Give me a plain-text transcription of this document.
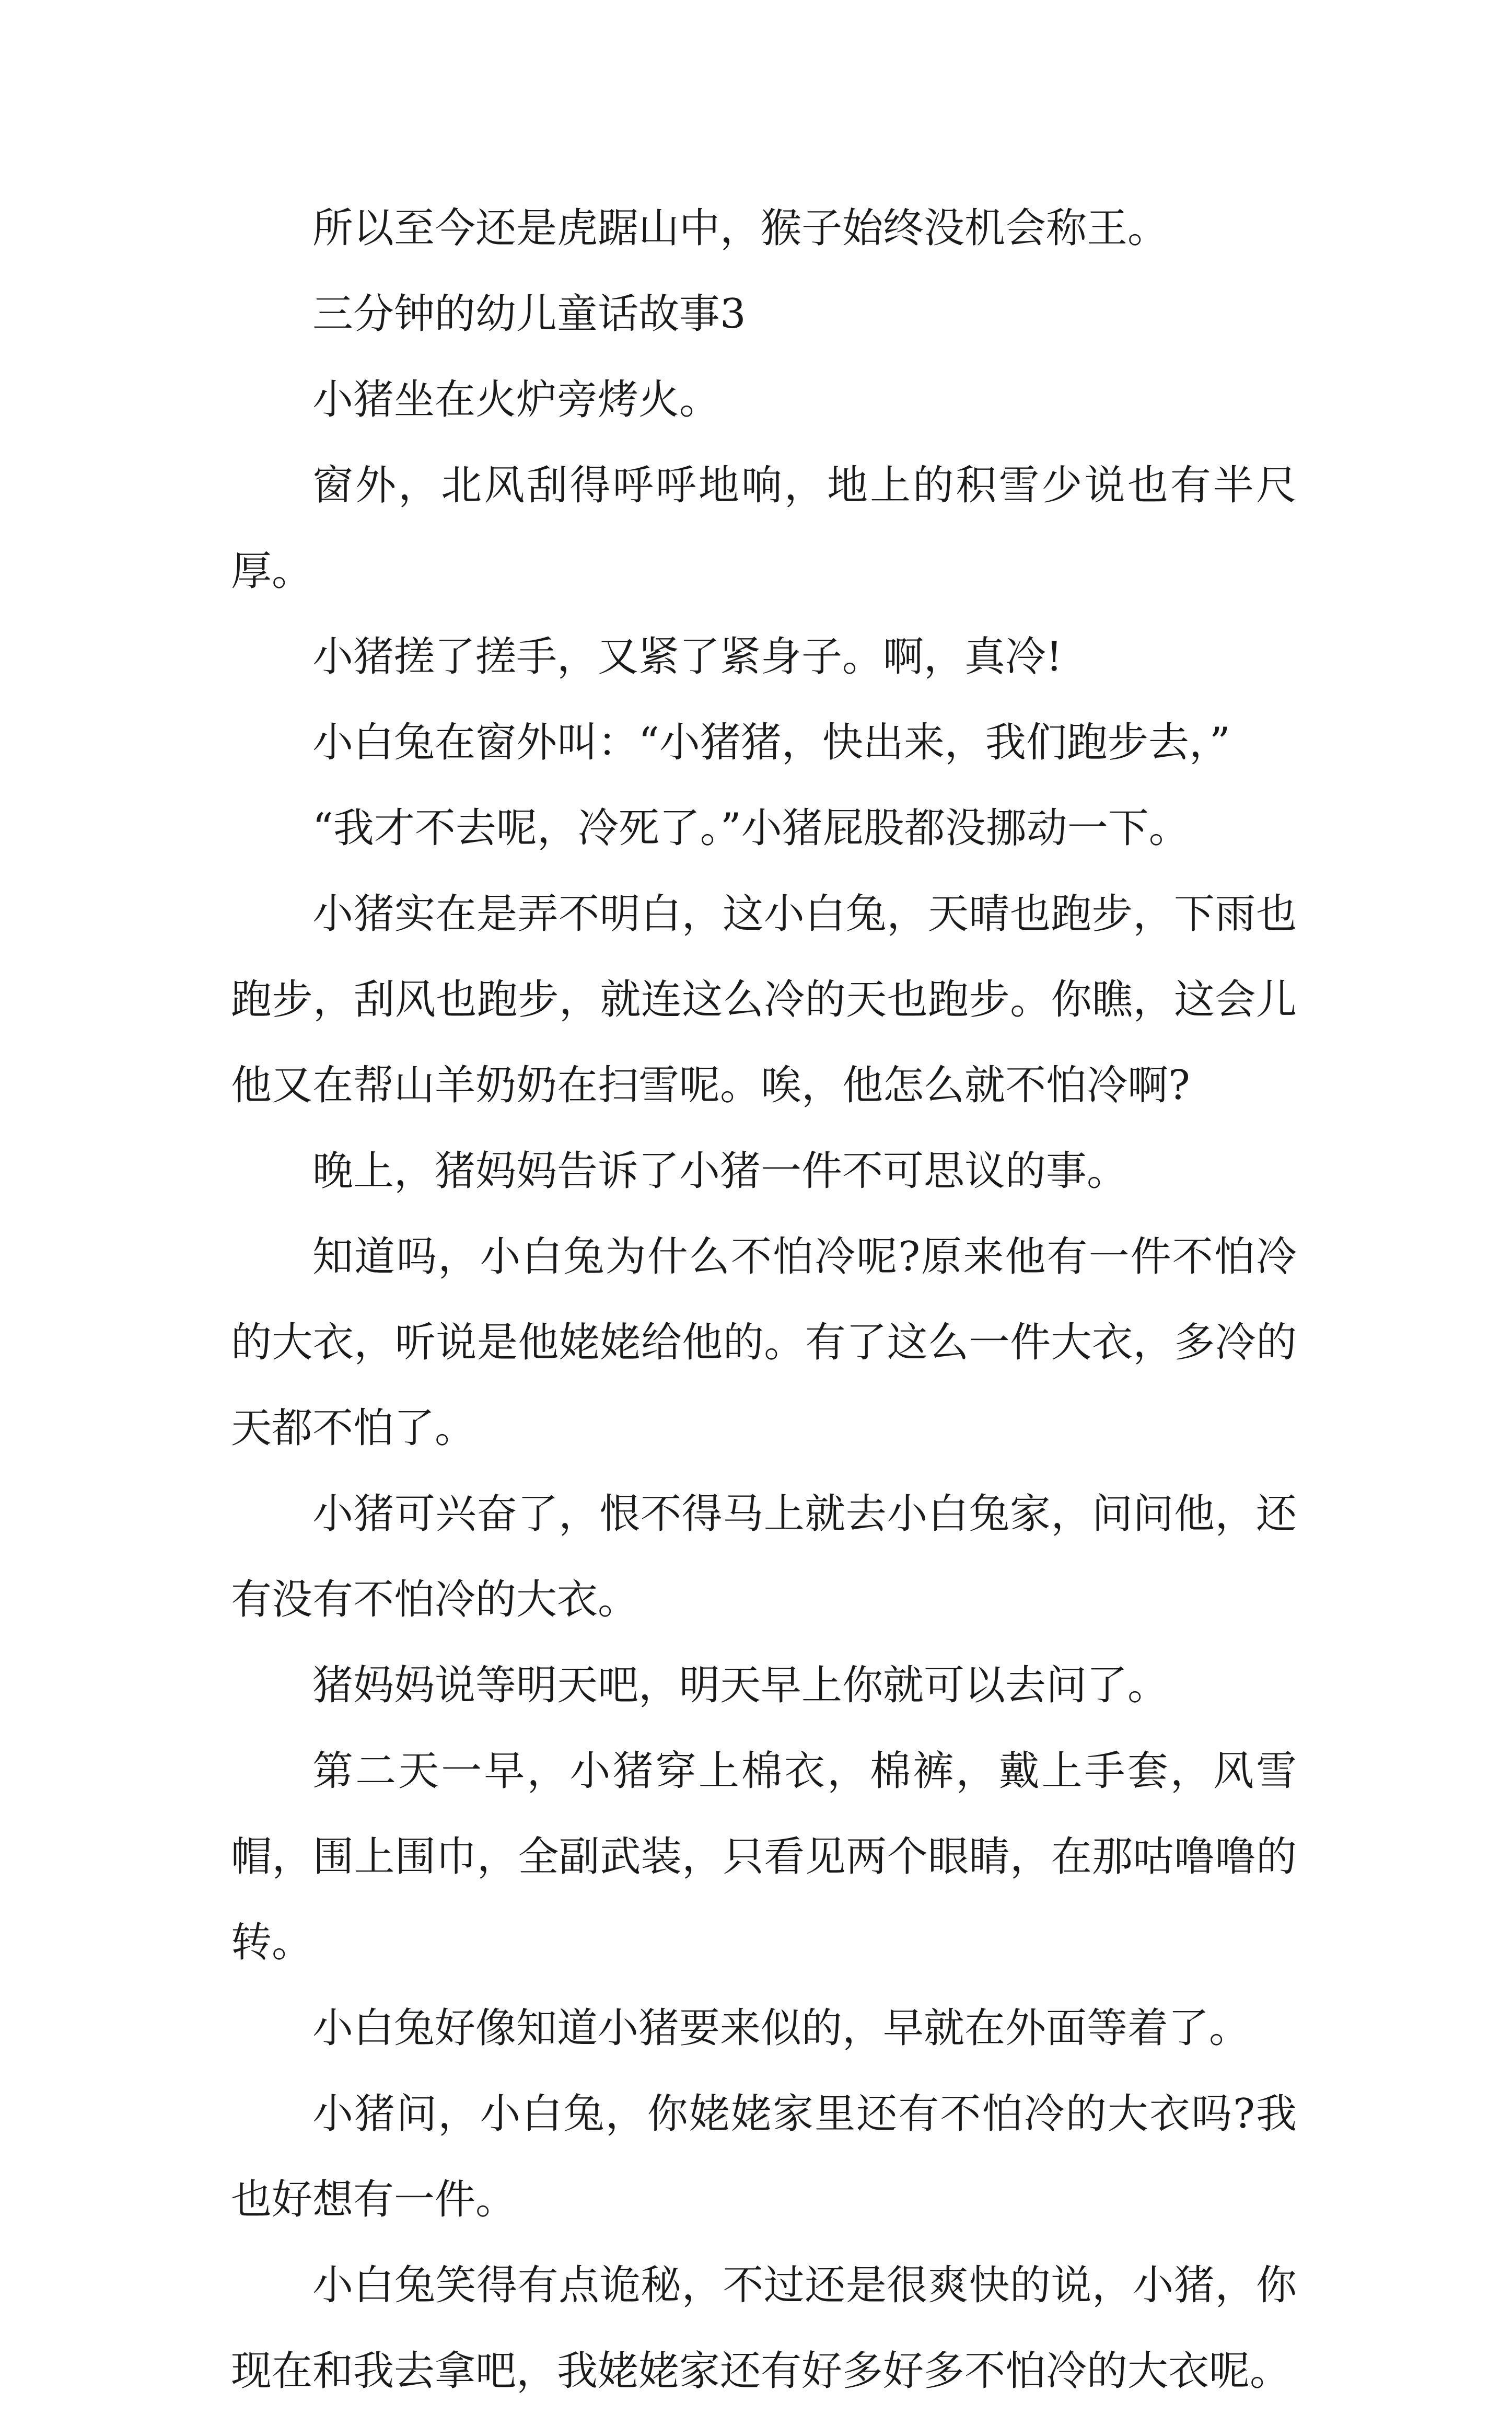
所以至今还是虎踞山中，猴子始终没机会称王。

三分钟的幼儿童话故事3

小猪坐在火炉旁烤火。

窗外，北风刮得呼呼地响，地上的积雪少说也有半尺厚。

小猪搓了搓手，又紧了紧身子。啊，真冷!

小白兔在窗外叫：“小猪猪，快出来，我们跑步去，”

“我才不去呢，冷死了。”小猪屁股都没挪动一下。

小猪实在是弄不明白，这小白兔，天晴也跑步，下雨也跑步，刮风也跑步，就连这么冷的天也跑步。你瞧，这会儿他又在帮山羊奶奶在扫雪呢。唉，他怎么就不怕冷啊?

晚上，猪妈妈告诉了小猪一件不可思议的事。

知道吗，小白兔为什么不怕冷呢?原来他有一件不怕冷的大衣，听说是他姥姥给他的。有了这么一件大衣，多冷的天都不怕了。

小猪可兴奋了，恨不得马上就去小白兔家，问问他，还有没有不怕冷的大衣。

猪妈妈说等明天吧，明天早上你就可以去问了。

第二天一早，小猪穿上棉衣，棉裤，戴上手套，风雪帽，围上围巾，全副武装，只看见两个眼睛，在那咕噜噜的转。

小白兔好像知道小猪要来似的，早就在外面等着了。

小猪问，小白兔，你姥姥家里还有不怕冷的大衣吗?我也好想有一件。

小白兔笑得有点诡秘，不过还是很爽快的说，小猪，你现在和我去拿吧，我姥姥家还有好多好多不怕冷的大衣呢。
